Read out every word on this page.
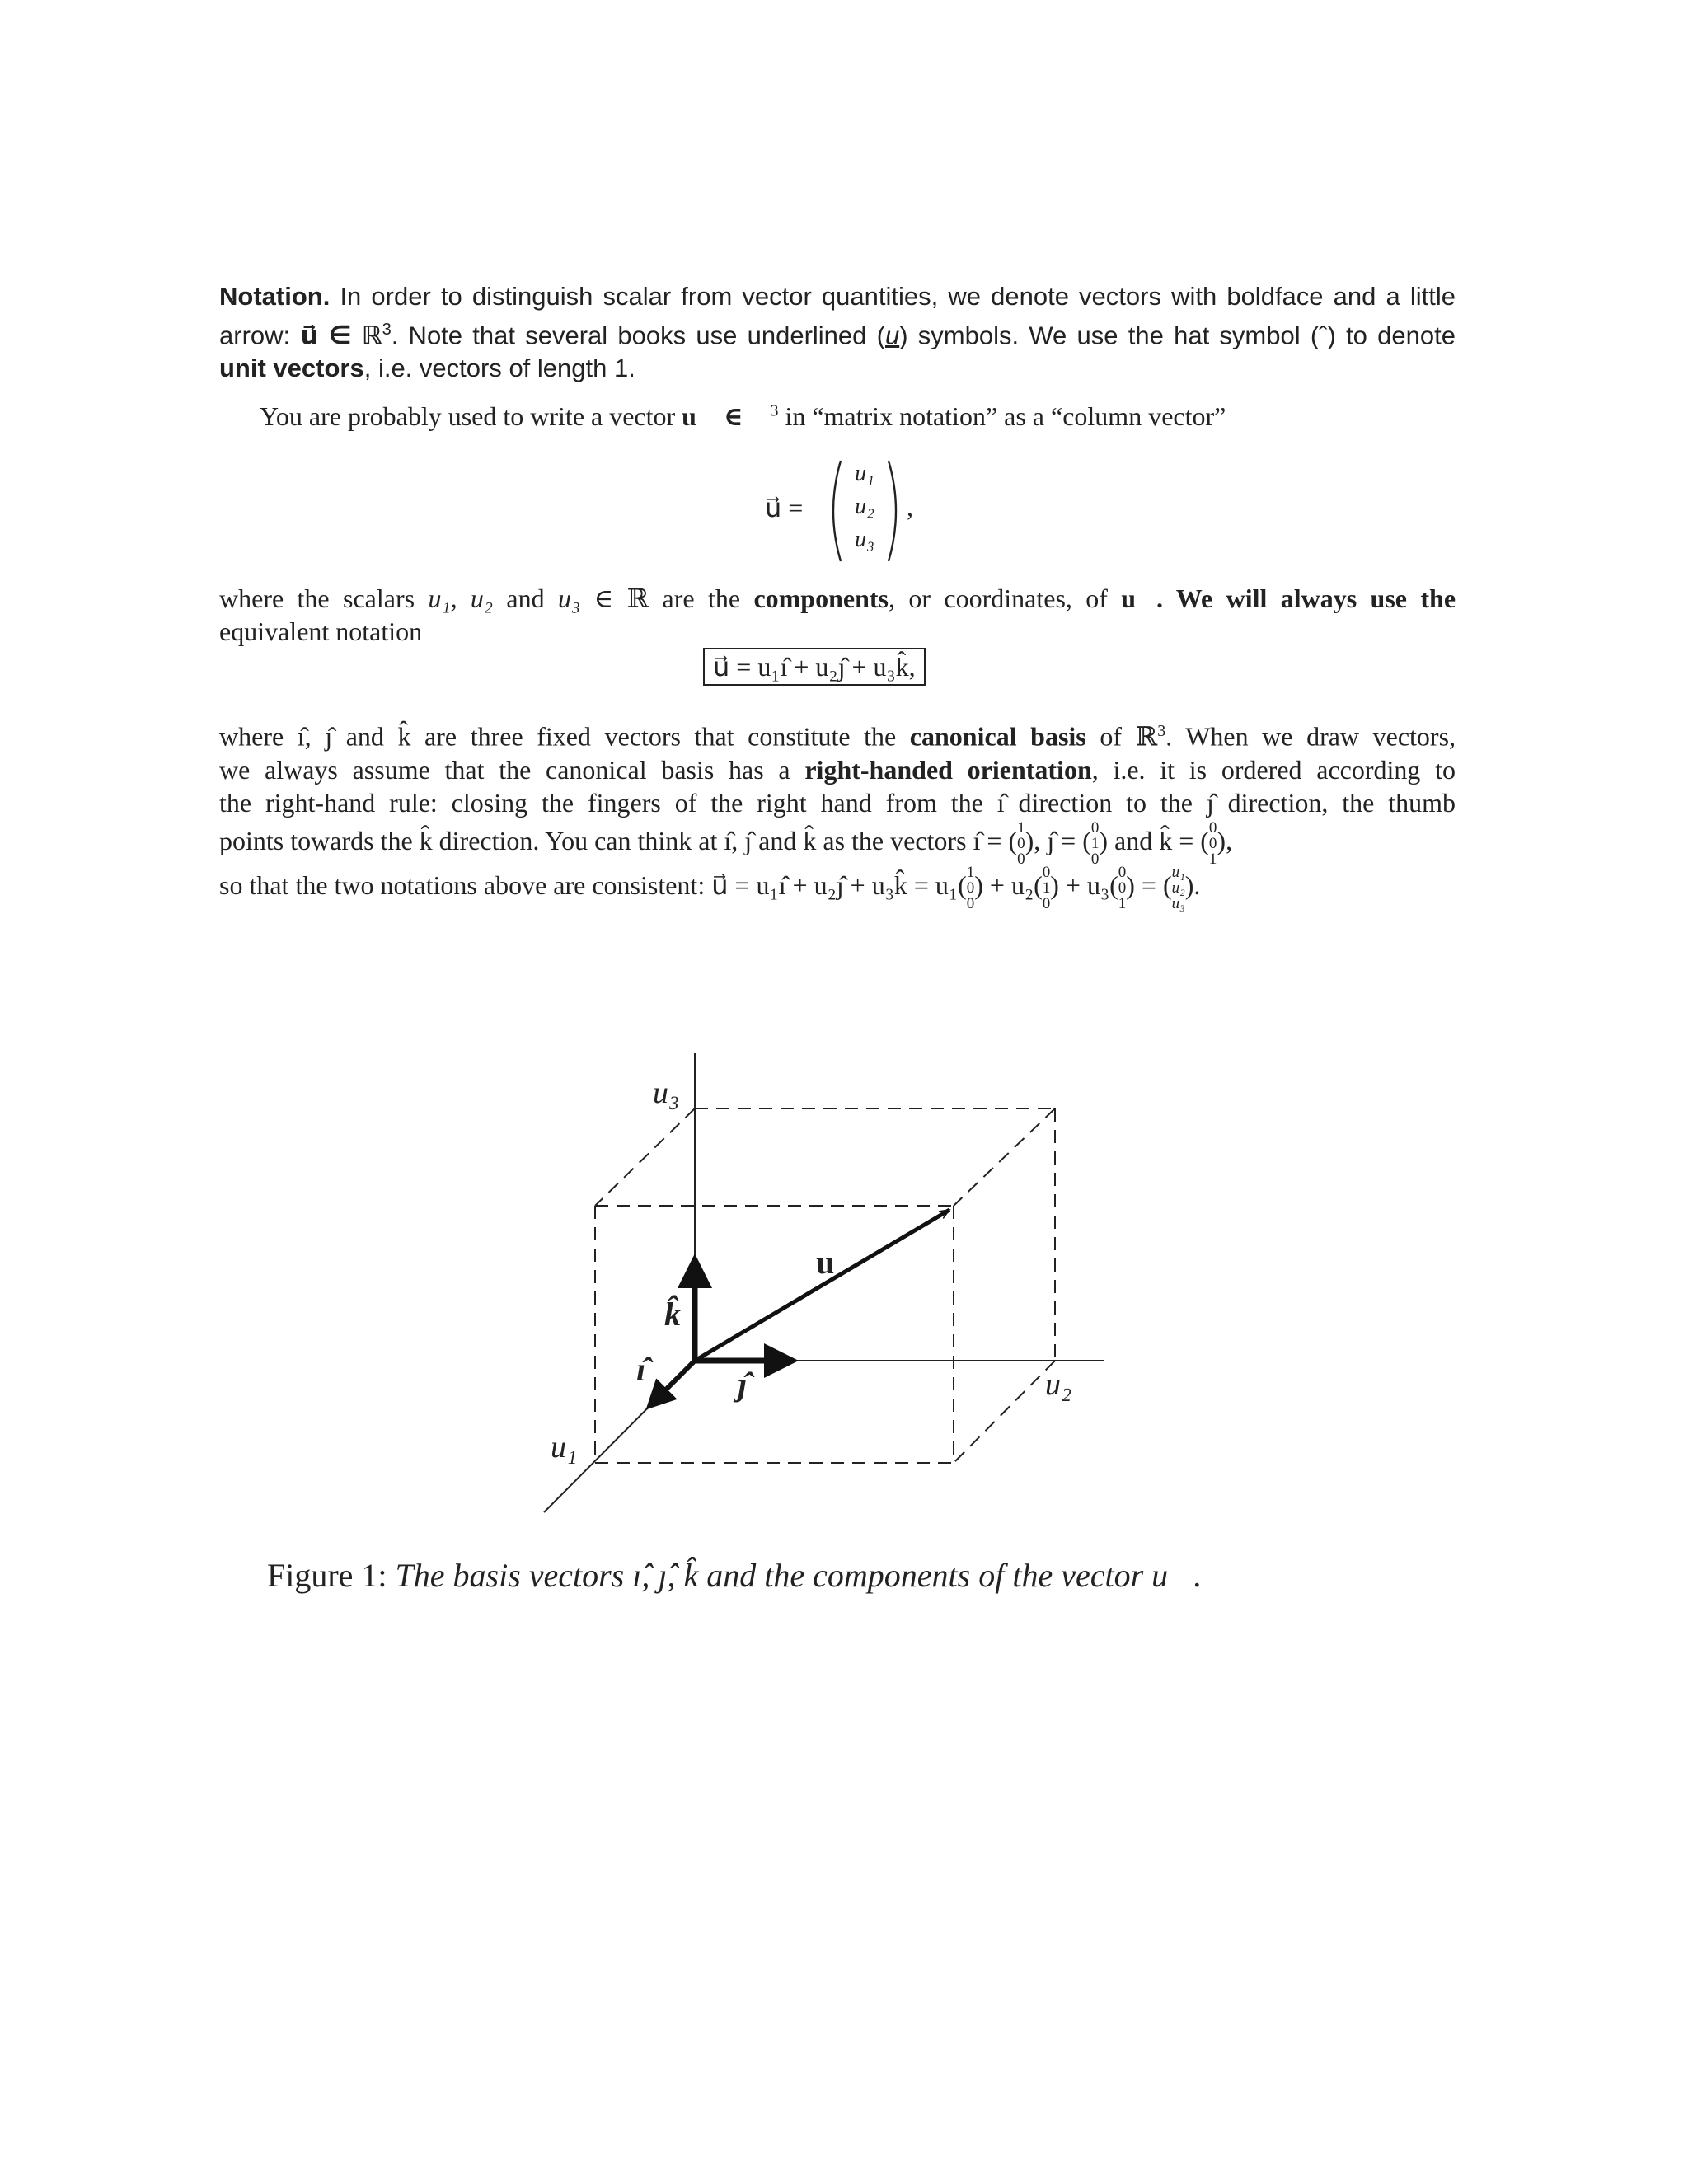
Notation. In order to distinguish scalar from vector quantities, we denote vectors with boldface and a little
arrow: u⃗ ∈ ℝ$^3$. Note that several books use underlined (u) symbols. We use the hat symbol (ˆ) to denote
unit vectors, i.e. vectors of length 1.
You are probably used to write a vector u⃗ ∈ ℝ$^3$ in “matrix notation” as a “column vector”
u⃗ =
u₁
u₂
u₃
,
where the scalars u₁, u₂ and u₃ ∈ ℝ are the components, or coordinates, of u⃗. We will always use the
equivalent notation
u⃗ = u₁ı̂ + u₂ȷ̂ + u₃k̂,
where ı̂, ȷ̂ and k̂ are three fixed vectors that constitute the canonical basis of ℝ$^3$. When we draw vectors,
we always assume that the canonical basis has a right-handed orientation, i.e. it is ordered according to
the right-hand rule: closing the fingers of the right hand from the ı̂ direction to the ȷ̂ direction, the thumb
points towards the k̂ direction. You can think at ı̂, ȷ̂ and k̂ as the vectors ı̂ = ( 1
0
0
), ȷ̂ = ( 0
1
0
) and k̂ = ( 0
0
1
),
so that the two notations above are consistent: u⃗ = u₁ı̂ + u₂ȷ̂ + u₃k̂ = u₁( 1
0
0
) + u₂( 0
1
0
) + u₃( 0
0
1
) = ( u₁
u₂
u₃
).
u₃
u₂
u₁
u⃗
k̂
ı̂	ȷ̂
Figure 1: The basis vectors ı̂, ȷ̂, k̂ and the components of the vector u⃗.
